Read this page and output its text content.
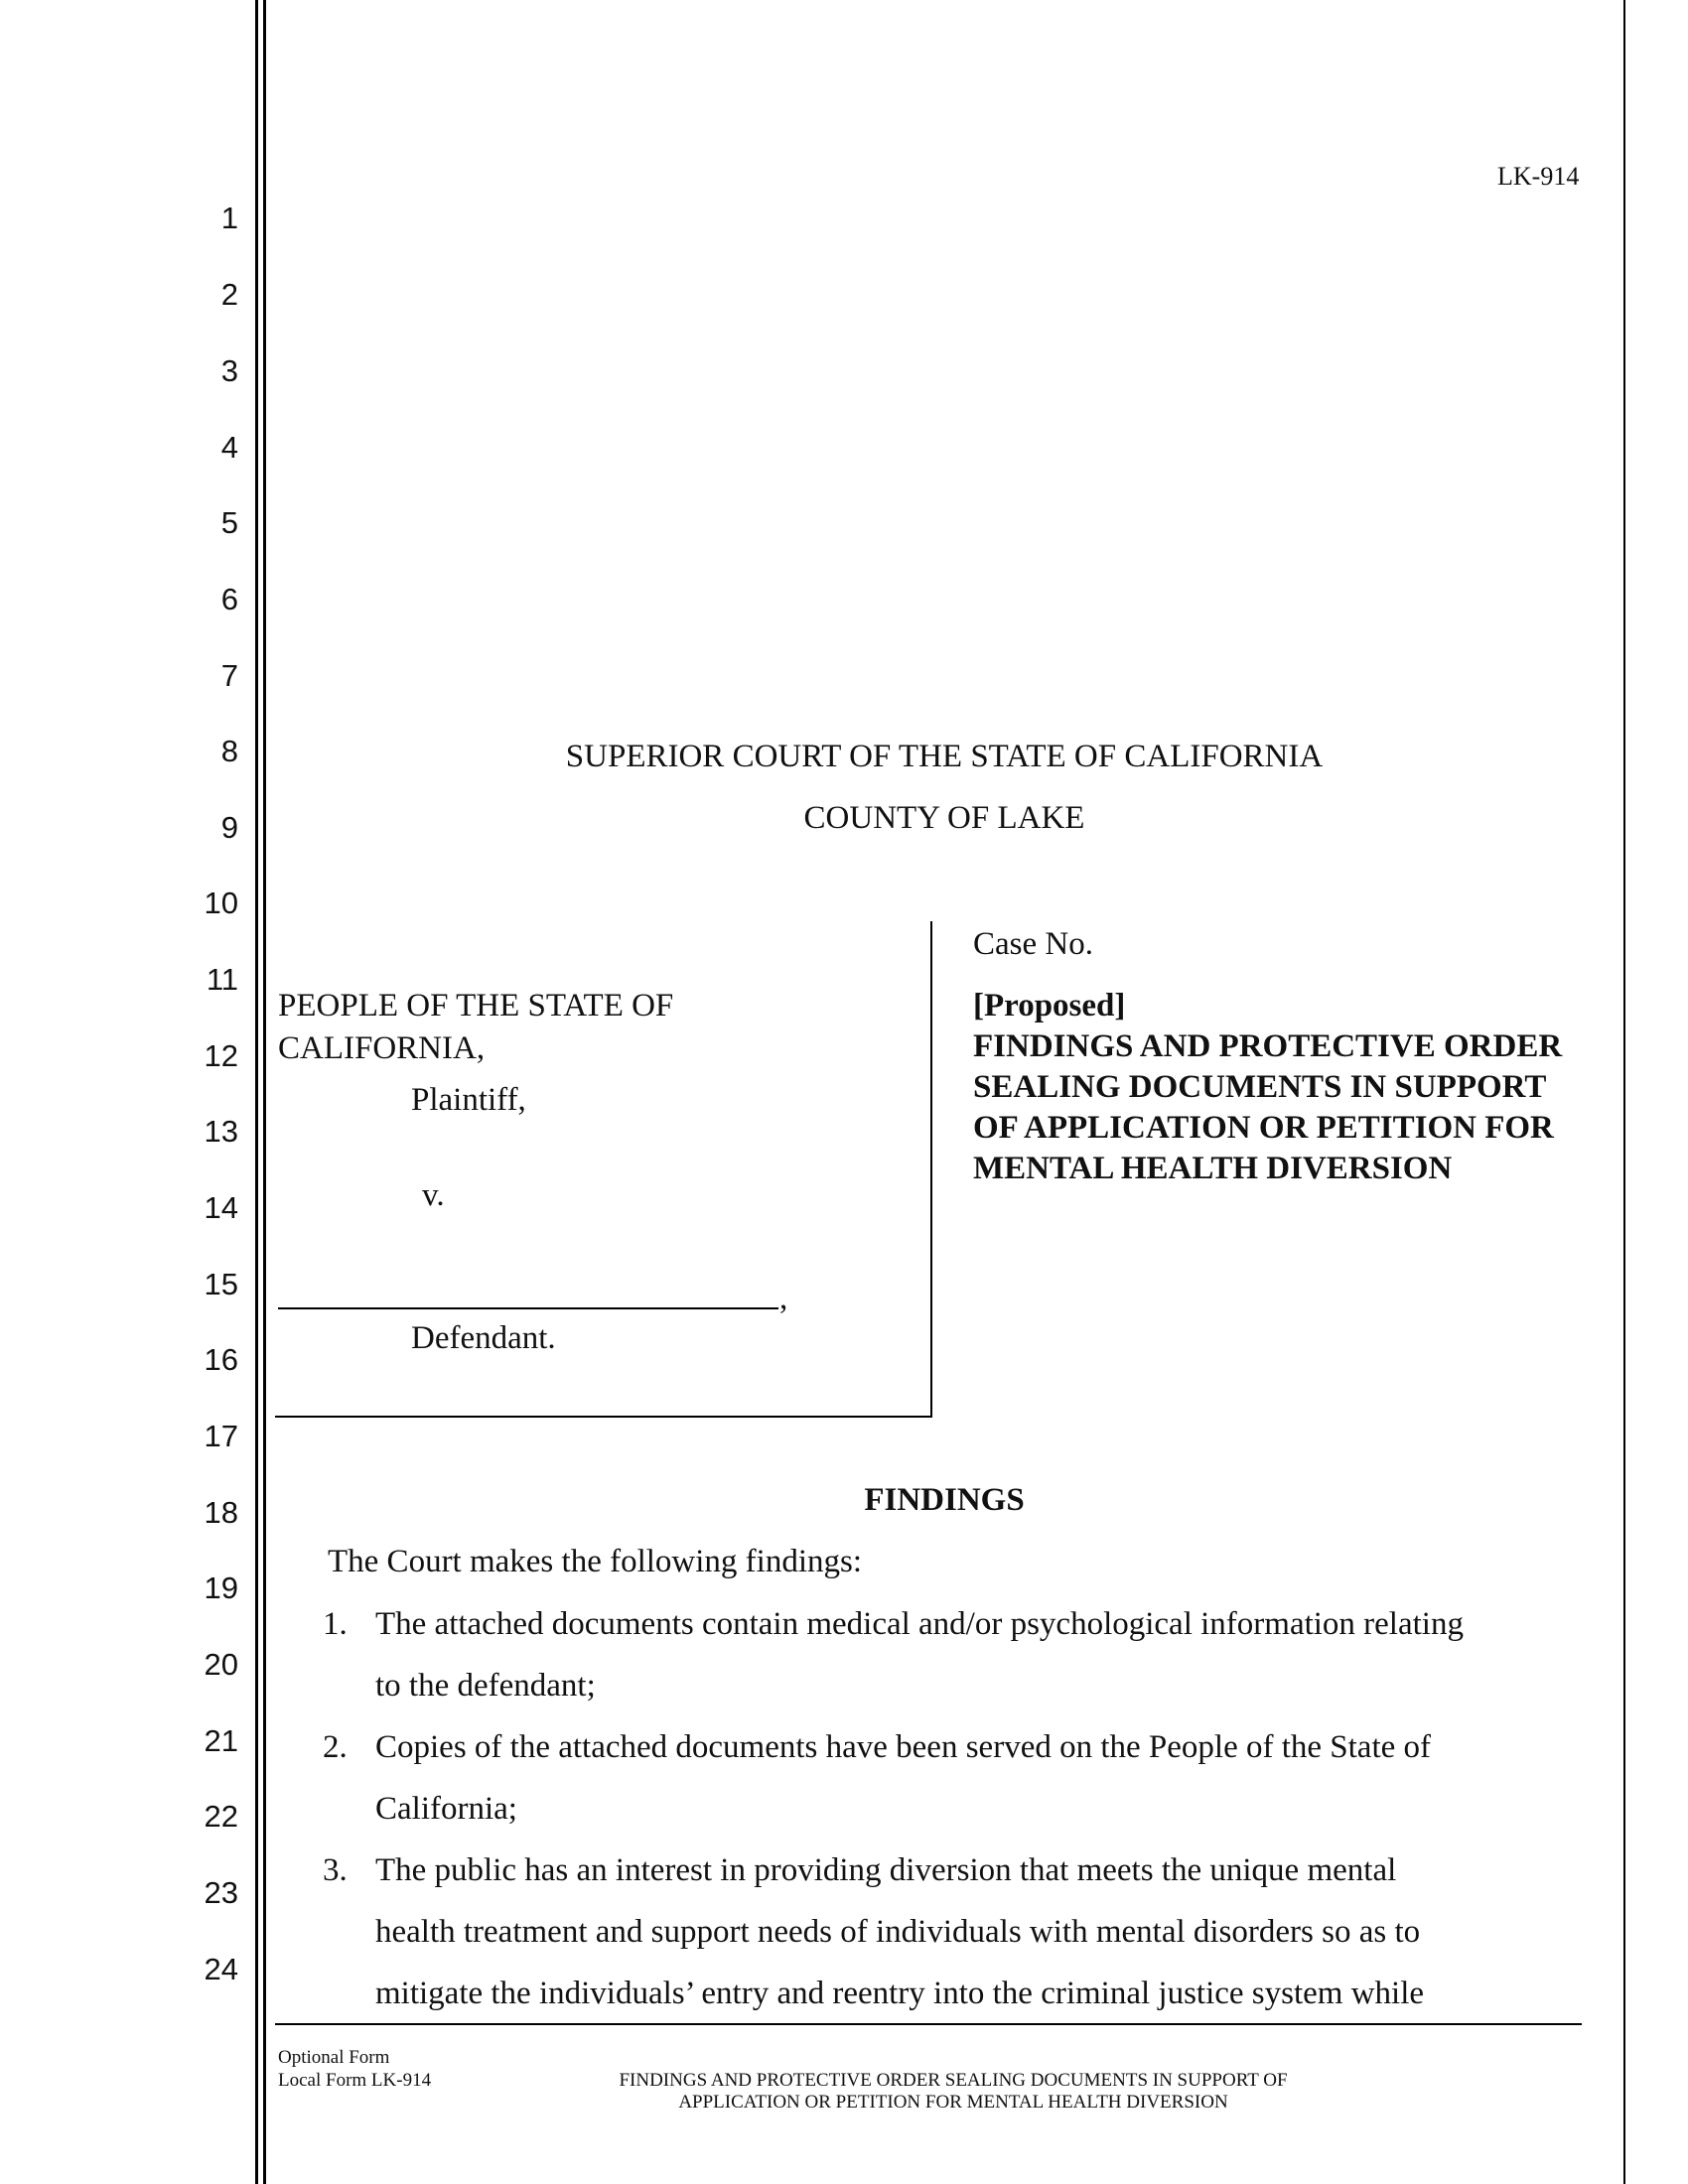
LK-914
1
2
3
4
5
6
7
8
9
10
11
12
13
14
15
16
17
18
19
20
21
22
23
24
SUPERIOR COURT OF THE STATE OF CALIFORNIA
COUNTY OF LAKE
PEOPLE OF THE STATE OF
CALIFORNIA,
Plaintiff,
v.
,
Defendant.
Case No.
[Proposed]
FINDINGS AND PROTECTIVE ORDER
SEALING DOCUMENTS IN SUPPORT
OF APPLICATION OR PETITION FOR
MENTAL HEALTH DIVERSION
FINDINGS
The Court makes the following findings:
1. The attached documents contain medical and/or psychological information relating
to the defendant;
2. Copies of the attached documents have been served on the People of the State of
California;
3. The public has an interest in providing diversion that meets the unique mental
health treatment and support needs of individuals with mental disorders so as to
mitigate the individuals’ entry and reentry into the criminal justice system while
Optional Form
Local Form LK-914	FINDINGS AND PROTECTIVE ORDER SEALING DOCUMENTS IN SUPPORT OF
APPLICATION OR PETITION FOR MENTAL HEALTH DIVERSION
